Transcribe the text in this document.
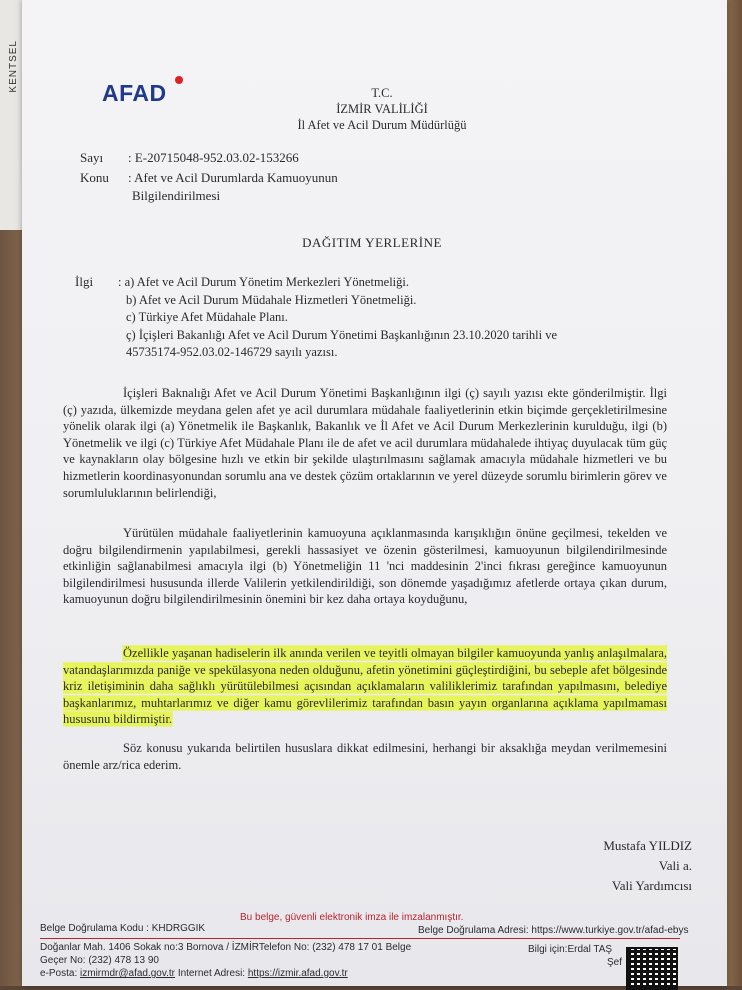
KENTSEL
AFAD	T.C.
İZMİR VALİLİĞİ
İl Afet ve Acil Durum Müdürlüğü
Sayı : E-20715048-952.03.02-153266
Konu : Afet ve Acil Durumlarda Kamuoyunun
Bilgilendirilmesi
DAĞITIM YERLERİNE
İlgi : a) Afet ve Acil Durum Yönetim Merkezleri Yönetmeliği.
b) Afet ve Acil Durum Müdahale Hizmetleri Yönetmeliği.
c) Türkiye Afet Müdahale Planı.
ç) İçişleri Bakanlığı Afet ve Acil Durum Yönetimi Başkanlığının 23.10.2020 tarihli ve
45735174-952.03.02-146729 sayılı yazısı.
İçişleri Baknalığı Afet ve Acil Durum Yönetimi Başkanlığının ilgi (ç) sayılı yazısı ekte gönderilmiştir. İlgi (ç) yazıda, ülkemizde meydana gelen afet ye acil durumlara müdahale faaliyetlerinin etkin biçimde gerçekletirilmesine yönelik olarak ilgi (a) Yönetmelik ile Başkanlık, Bakanlık ve İl Afet ve Acil Durum Merkezlerinin kurulduğu, ilgi (b) Yönetmelik ve ilgi (c) Türkiye Afet Müdahale Planı ile de afet ve acil durumlara müdahalede ihtiyaç duyulacak tüm güç ve kaynakların olay bölgesine hızlı ve etkin bir şekilde ulaştırılmasını sağlamak amacıyla müdahale hizmetleri ve bu hizmetlerin koordinasyonundan sorumlu ana ve destek çözüm ortaklarının ve yerel düzeyde sorumlu birimlerin görev ve sorumluluklarının belirlendiği,
Yürütülen müdahale faaliyetlerinin kamuoyuna açıklanmasında karışıklığın önüne geçilmesi, tekelden ve doğru bilgilendirmenin yapılabilmesi, gerekli hassasiyet ve özenin gösterilmesi, kamuoyunun bilgilendirilmesinde etkinliğin sağlanabilmesi amacıyla ilgi (b) Yönetmeliğin 11 'nci maddesinin 2'inci fıkrası gereğince kamuoyunun bilgilendirilmesi hususunda illerde Valilerin yetkilendirildiği, son dönemde yaşadığımız afetlerde ortaya çıkan durum, kamuoyunun doğru bilgilendirilmesinin önemini bir kez daha ortaya koyduğunu,
Özellikle yaşanan hadiselerin ilk anında verilen ve teyitli olmayan bilgiler kamuoyunda yanlış anlaşılmalara, vatandaşlarımızda paniğe ve spekülasyona neden olduğunu, afetin yönetimini güçleştirdiğini, bu sebeple afet bölgesinde kriz iletişiminin daha sağlıklı yürütülebilmesi açısından açıklamaların valiliklerimiz tarafından yapılmasını, belediye başkanlarımız, muhtarlarımız ve diğer kamu görevlilerimiz tarafından basın yayın organlarına açıklama yapılmaması hususunu bildirmiştir.
Söz konusu yukarıda belirtilen hususlara dikkat edilmesini, herhangi bir aksaklığa meydan verilmemesini önemle arz/rica ederim.
Mustafa YILDIZ
Vali a.
Vali Yardımcısı
Bu belge, güvenli elektronik imza ile imzalanmıştır.
Belge Doğrulama Kodu : KHDRGGIK	Belge Doğrulama Adresi: https://www.turkiye.gov.tr/afad-ebys
Doğanlar Mah. 1406 Sokak no:3 Bornova / İZMİRTelefon No: (232) 478 17 01 Belge
Geçer No: (232) 478 13 90
e-Posta: izmirmdr@afad.gov.tr Internet Adresi: https://izmir.afad.gov.tr
Bilgi için:Erdal TAŞ
Şef
